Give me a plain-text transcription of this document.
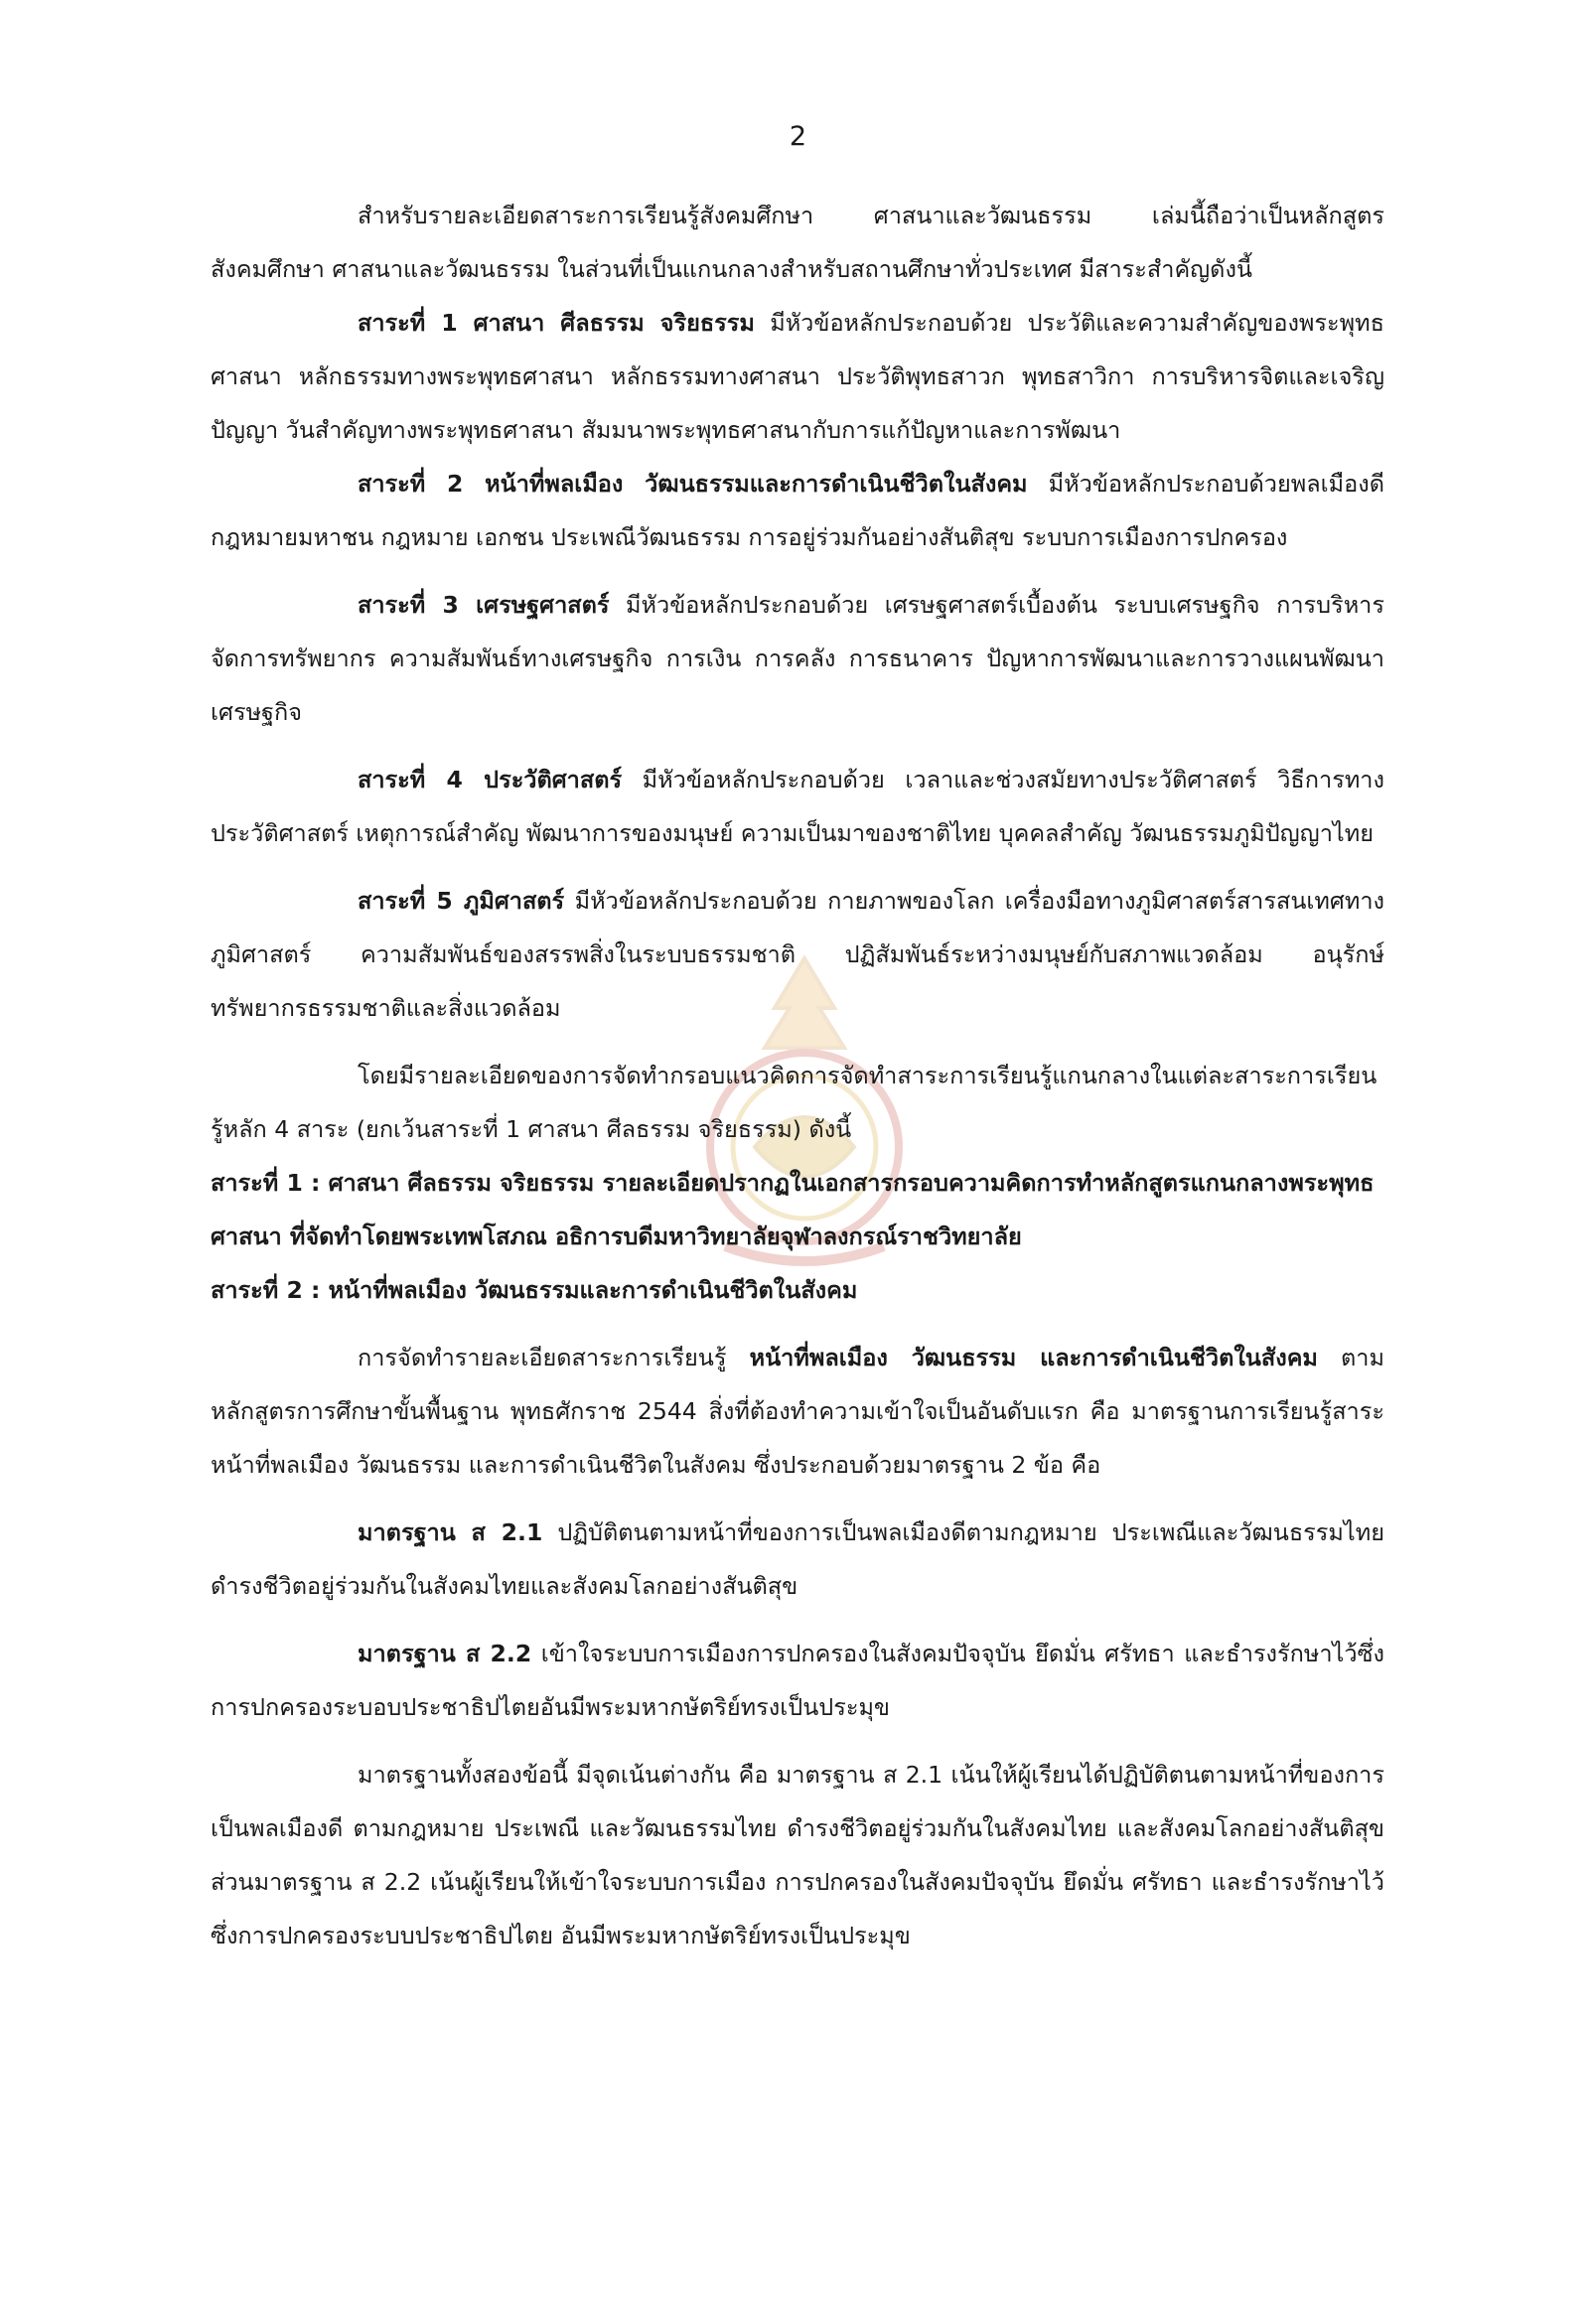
2

สำหรับรายละเอียดสาระการเรียนรู้สังคมศึกษา ศาสนาและวัฒนธรรม เล่มนี้ถือว่าเป็นหลักสูตรสังคมศึกษา ศาสนาและวัฒนธรรม ในส่วนที่เป็นแกนกลางสำหรับสถานศึกษาทั่วประเทศ มีสาระสำคัญดังนี้

สาระที่ 1 ศาสนา ศีลธรรม จริยธรรม มีหัวข้อหลักประกอบด้วย ประวัติและความสำคัญของพระพุทธศาสนา หลักธรรมทางพระพุทธศาสนา หลักธรรมทางศาสนา ประวัติพุทธสาวก พุทธสาวิกา การบริหารจิตและเจริญปัญญา วันสำคัญทางพระพุทธศาสนา สัมมนาพระพุทธศาสนากับการแก้ปัญหาและการพัฒนา

สาระที่ 2 หน้าที่พลเมือง วัฒนธรรมและการดำเนินชีวิตในสังคม มีหัวข้อหลักประกอบด้วยพลเมืองดี กฎหมายมหาชน กฎหมาย เอกชน ประเพณีวัฒนธรรม การอยู่ร่วมกันอย่างสันติสุข ระบบการเมืองการปกครอง

สาระที่ 3 เศรษฐศาสตร์ มีหัวข้อหลักประกอบด้วย เศรษฐศาสตร์เบื้องต้น ระบบเศรษฐกิจ การบริหารจัดการทรัพยากร ความสัมพันธ์ทางเศรษฐกิจ การเงิน การคลัง การธนาคาร ปัญหาการพัฒนาและการวางแผนพัฒนาเศรษฐกิจ

สาระที่ 4 ประวัติศาสตร์ มีหัวข้อหลักประกอบด้วย เวลาและช่วงสมัยทางประวัติศาสตร์ วิธีการทางประวัติศาสตร์ เหตุการณ์สำคัญ พัฒนาการของมนุษย์ ความเป็นมาของชาติไทย บุคคลสำคัญ วัฒนธรรมภูมิปัญญาไทย

สาระที่ 5 ภูมิศาสตร์ มีหัวข้อหลักประกอบด้วย กายภาพของโลก เครื่องมือทางภูมิศาสตร์สารสนเทศทางภูมิศาสตร์ ความสัมพันธ์ของสรรพสิ่งในระบบธรรมชาติ ปฏิสัมพันธ์ระหว่างมนุษย์กับสภาพแวดล้อม อนุรักษ์ทรัพยากรธรรมชาติและสิ่งแวดล้อม

โดยมีรายละเอียดของการจัดทำกรอบแนวคิดการจัดทำสาระการเรียนรู้แกนกลางในแต่ละสาระการเรียนรู้หลัก 4 สาระ (ยกเว้นสาระที่ 1 ศาสนา ศีลธรรม จริยธรรม) ดังนี้

สาระที่ 1 : ศาสนา ศีลธรรม จริยธรรม รายละเอียดปรากฏในเอกสารกรอบความคิดการทำหลักสูตรแกนกลางพระพุทธศาสนา ที่จัดทำโดยพระเทพโสภณ อธิการบดีมหาวิทยาลัยจุฬาลงกรณ์ราชวิทยาลัย

สาระที่ 2 : หน้าที่พลเมือง วัฒนธรรมและการดำเนินชีวิตในสังคม

การจัดทำรายละเอียดสาระการเรียนรู้ หน้าที่พลเมือง วัฒนธรรม และการดำเนินชีวิตในสังคม ตามหลักสูตรการศึกษาขั้นพื้นฐาน พุทธศักราช 2544 สิ่งที่ต้องทำความเข้าใจเป็นอันดับแรก คือ มาตรฐานการเรียนรู้สาระ หน้าที่พลเมือง วัฒนธรรม และการดำเนินชีวิตในสังคม ซึ่งประกอบด้วยมาตรฐาน 2 ข้อ คือ

มาตรฐาน ส 2.1 ปฏิบัติตนตามหน้าที่ของการเป็นพลเมืองดีตามกฎหมาย ประเพณีและวัฒนธรรมไทย ดำรงชีวิตอยู่ร่วมกันในสังคมไทยและสังคมโลกอย่างสันติสุข

มาตรฐาน ส 2.2 เข้าใจระบบการเมืองการปกครองในสังคมปัจจุบัน ยึดมั่น ศรัทธา และธำรงรักษาไว้ซึ่งการปกครองระบอบประชาธิปไตยอันมีพระมหากษัตริย์ทรงเป็นประมุข

มาตรฐานทั้งสองข้อนี้ มีจุดเน้นต่างกัน คือ มาตรฐาน ส 2.1 เน้นให้ผู้เรียนได้ปฏิบัติตนตามหน้าที่ของการเป็นพลเมืองดี ตามกฎหมาย ประเพณี และวัฒนธรรมไทย ดำรงชีวิตอยู่ร่วมกันในสังคมไทย และสังคมโลกอย่างสันติสุข ส่วนมาตรฐาน ส 2.2 เน้นผู้เรียนให้เข้าใจระบบการเมือง การปกครองในสังคมปัจจุบัน ยึดมั่น ศรัทธา และธำรงรักษาไว้ซึ่งการปกครองระบบประชาธิปไตย อันมีพระมหากษัตริย์ทรงเป็นประมุข
